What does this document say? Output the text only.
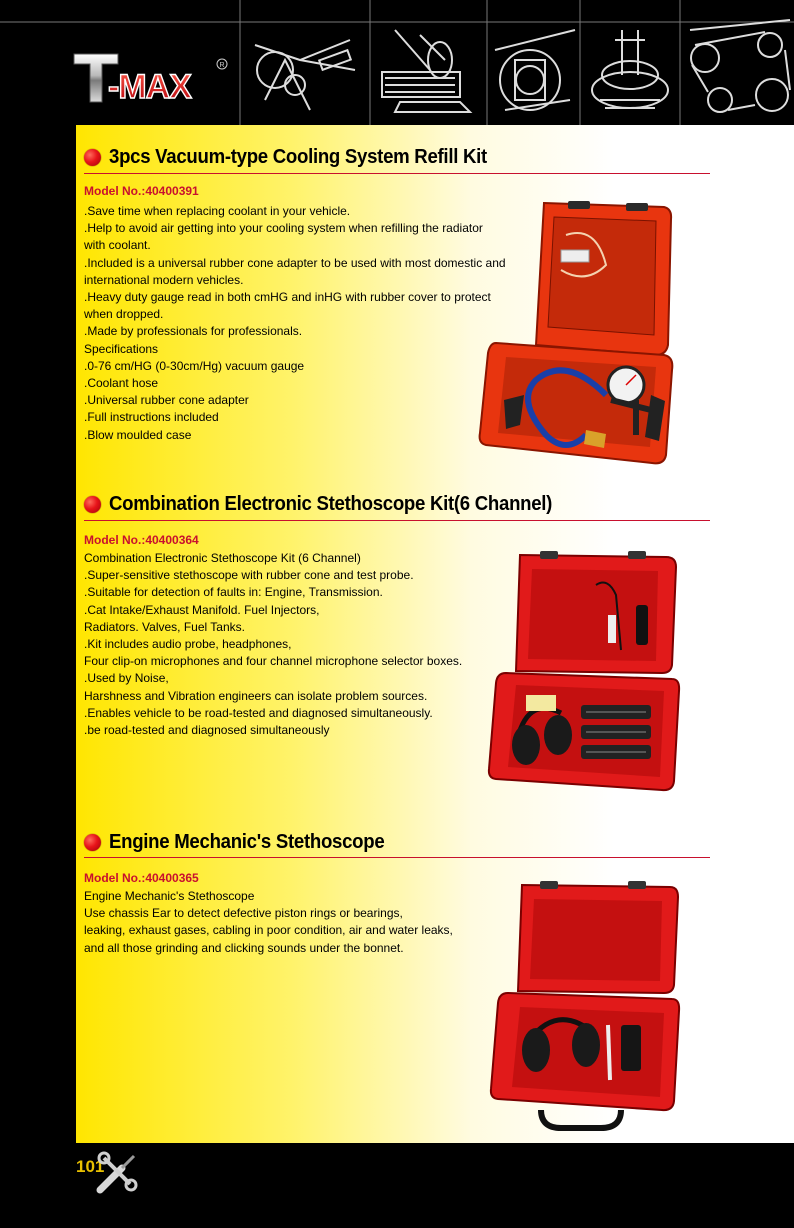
-MAX
R
3pcs Vacuum-type Cooling System Refill Kit
Model No.:40400391
.Save time when replacing coolant in your vehicle.
.Help to avoid air getting into your cooling system when refilling the radiator
with coolant.
.Included is a universal rubber cone adapter to be used with most domestic and
international modern vehicles.
.Heavy duty gauge read in both cmHG and inHG with rubber cover to protect
when dropped.
.Made by professionals for professionals.
Specifications
.0-76 cm/HG (0-30cm/Hg) vacuum gauge
.Coolant hose
.Universal rubber cone adapter
.Full instructions included
.Blow moulded case
Combination Electronic Stethoscope Kit(6 Channel)
Model No.:40400364
Combination Electronic Stethoscope Kit (6 Channel)
.Super-sensitive stethoscope with rubber cone and test probe.
.Suitable for detection of faults in: Engine, Transmission.
.Cat Intake/Exhaust Manifold. Fuel Injectors,
Radiators. Valves, Fuel Tanks.
.Kit includes audio probe, headphones,
Four clip-on microphones and four channel microphone selector boxes.
.Used by Noise,
Harshness and Vibration engineers can isolate problem sources.
.Enables vehicle to be road-tested and diagnosed simultaneously.
.be road-tested and diagnosed simultaneously
Engine Mechanic's Stethoscope
Model No.:40400365
Engine Mechanic's Stethoscope
Use chassis Ear to detect defective piston rings or bearings,
leaking, exhaust gases, cabling in poor condition, air and water leaks,
and all those grinding and clicking sounds under the bonnet.
101
